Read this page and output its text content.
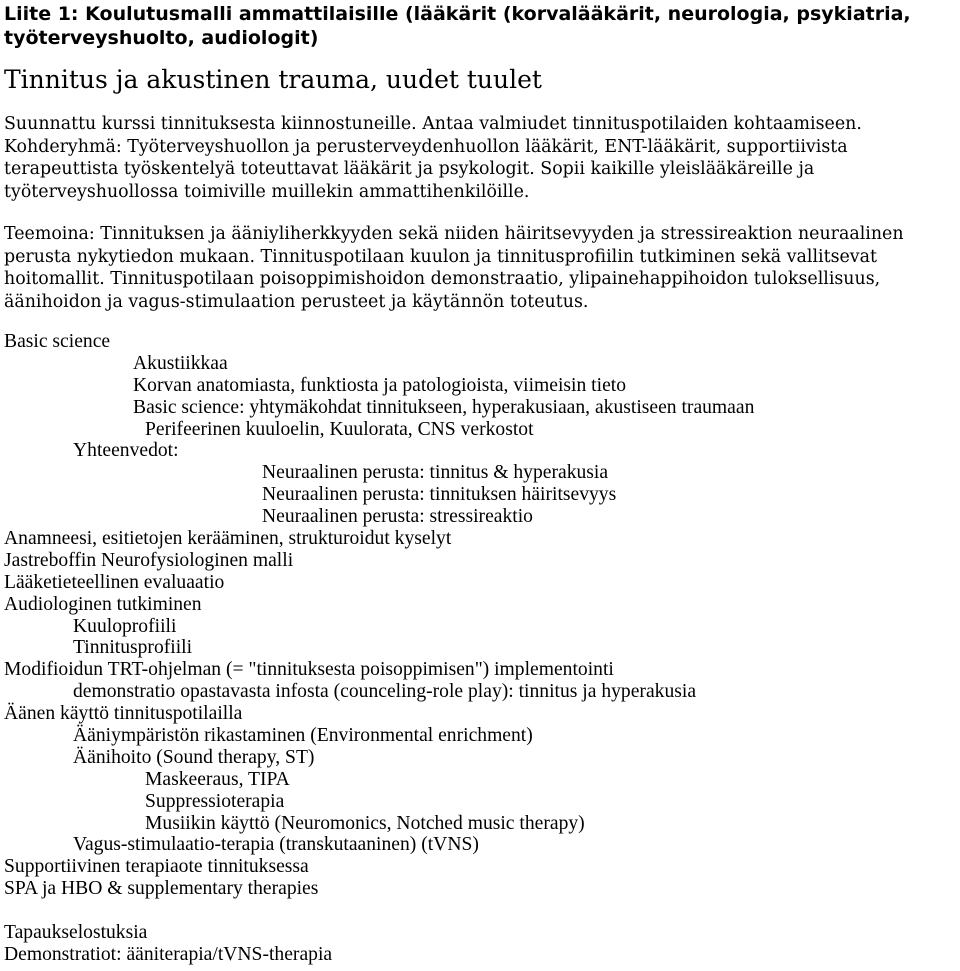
Liite 1: Koulutusmalli ammattilaisille (lääkärit (korvalääkärit, neurologia, psykiatria, työterveyshuolto, audiologit)
Tinnitus ja akustinen trauma, uudet tuulet
Suunnattu kurssi tinnituksesta kiinnostuneille. Antaa valmiudet tinnituspotilaiden kohtaamiseen. Kohderyhmä: Työterveyshuollon ja perusterveydenhuollon lääkärit, ENT-lääkärit, supportiivista terapeuttista työskentelyä toteuttavat lääkärit ja psykologit. Sopii kaikille yleislääkäreille ja työterveyshuollossa toimiville muillekin ammattihenkilöille.
Teemoina: Tinnituksen ja ääniyliherkkyyden sekä niiden häiritsevyyden ja stressireaktion neuraalinen perusta nykytiedon mukaan. Tinnituspotilaan kuulon ja tinnitusprofiilin tutkiminen sekä vallitsevat hoitomallit. Tinnituspotilaan poisoppimishoidon demonstraatio, ylipainehappihoidon tuloksellisuus, äänihoidon ja vagus-stimulaation perusteet ja käytännön toteutus.
Basic science
Akustiikkaa
Korvan anatomiasta, funktiosta ja patologioista, viimeisin tieto
Basic science: yhtymäkohdat tinnitukseen, hyperakusiaan, akustiseen traumaan
Perifeerinen kuuloelin, Kuulorata, CNS verkostot
Yhteenvedot:
Neuraalinen perusta: tinnitus & hyperakusia
Neuraalinen perusta: tinnituksen häiritsevyys
Neuraalinen perusta: stressireaktio
Anamneesi, esitietojen kerääminen, strukturoidut kyselyt
Jastreboffin Neurofysiologinen malli
Lääketieteellinen evaluaatio
Audiologinen tutkiminen
Kuuloprofiili
Tinnitusprofiili
Modifioidun TRT-ohjelman (= "tinnituksesta poisoppimisen") implementointi
demonstratio opastavasta infosta (counceling-role play): tinnitus ja hyperakusia
Äänen käyttö tinnituspotilailla
Ääniympäristön rikastaminen (Environmental enrichment)
Äänihoito (Sound therapy, ST)
Maskeeraus, TIPA
Suppressioterapia
Musiikin käyttö (Neuromonics, Notched music therapy)
Vagus-stimulaatio-terapia (transkutaaninen) (tVNS)
Supportiivinen terapiaote tinnituksessa
SPA ja HBO & supplementary therapies
Tapaukselostuksia
Demonstratiot: ääniterapia/tVNS-therapia
